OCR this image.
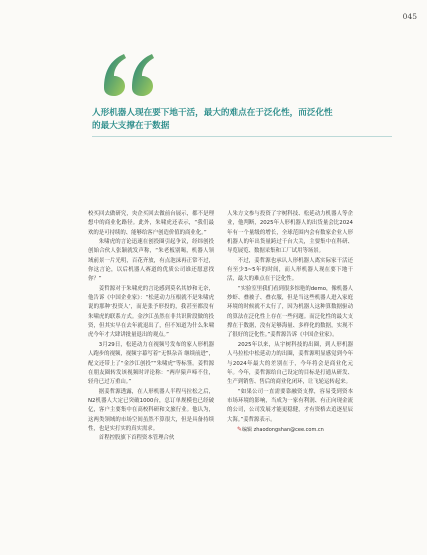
045
人形机器人现在要下地干活，最大的难点在于泛化性，而泛化性
的最大支撑在于数据

校买回去做研究，央企买回去做前台展示，都不是理想中的商业化路径。此外，朱啸虎还表示，“我们最欢的是可持续的、能够给客户创造价值的商业化。”

朱啸虎的言论迅速在创投圈引起争议，经纬创投创始合伙人张颖就发声称，“朱老板别喝，机器人领域前景一片光明，百花齐放，有点泡沫再正常不过，你这言论，以后机器人赛道的优质公司谁还愿意找你？”

姜哲源对于朱啸虎的言论感到莫名其妙和无奈，他告诉《中国企业家》：“松延动力压根就不是朱啸虎说的那种‘投资人’，而是张予形投的，我甚至都没有朱啸虎的联系方式。金沙江虽然在非共识阶段做的投资，但其实早在去年就退出了，但不知道为什么朱啸虎今年才大肆讲批量退出的观点。”

3月29日，松延动力在视频号发布的家人形机器人跑步的视频，视频字幕写着“无惧杂音 继续前进”，配文还带上了“金沙江创投”“朱啸虎”等标签。姜哲源在朋友圈转发该视频时评论称：“两岸猿声啼不住，轻舟已过万重山。”

据姜哲源透露，在人形机器人半程马拉松之后，N2机器人大定已突破1000台，总订单规模也已经破亿，客户主要集中在高校科研和文旅行业。他认为，这两类领域的市场空间虽然不算很大，但是具备持续性，也是实打实的真实需求。

首程控股旗下首程资本管理合伙

人朱方文参与投资了宇树科技、松延动力机器人等企业，他判断，2025年人形机器人的出货量会比2024年有一个量级的增长，全球范围内会有数家企业人形机器人的年出货量跨过千台大关，主要集中在科研、导览展览、数据采集和工厂试用等场景。

不过，姜哲源也承认人形机器人离实际家干活还有至少3~5年的时间，而人形机器人现在要下地干活，最大的难点在于泛化性。

“实验室里我们看到很多惊艳的demo，像机器人炒虾、叠被子、叠衣服，但是当这些机器人进入家庭环境的时候就不太行了，因为机器人这种算数据驱动的算法在泛化性上存在一些问题。而泛化性的最大支撑在于数据，没有足够海量、多样化的数据，实现不了很好的泛化性。”姜哲源告诉《中国企业家》。

2025年以来，从宇树科技的出圈，到人形机器人马拉松中松延动力的出圈，姜哲源明显感觉到今年与2024年最大的差别在于，今年将会是商业化元年。今年，姜哲源给自己设定的目标是打通从研发、生产到销售、售后的商业化闭环，让飞轮运转起来。

“如果公司一直需要靠融资支撑，容易受到资本市场环境的影响，当成为一家有利润、有正向现金流的公司，公司发展才能更稳健，才有资格去追逐星辰大海。”姜哲源表示。

✎编辑 zhaodongshan@cee.com.cn
